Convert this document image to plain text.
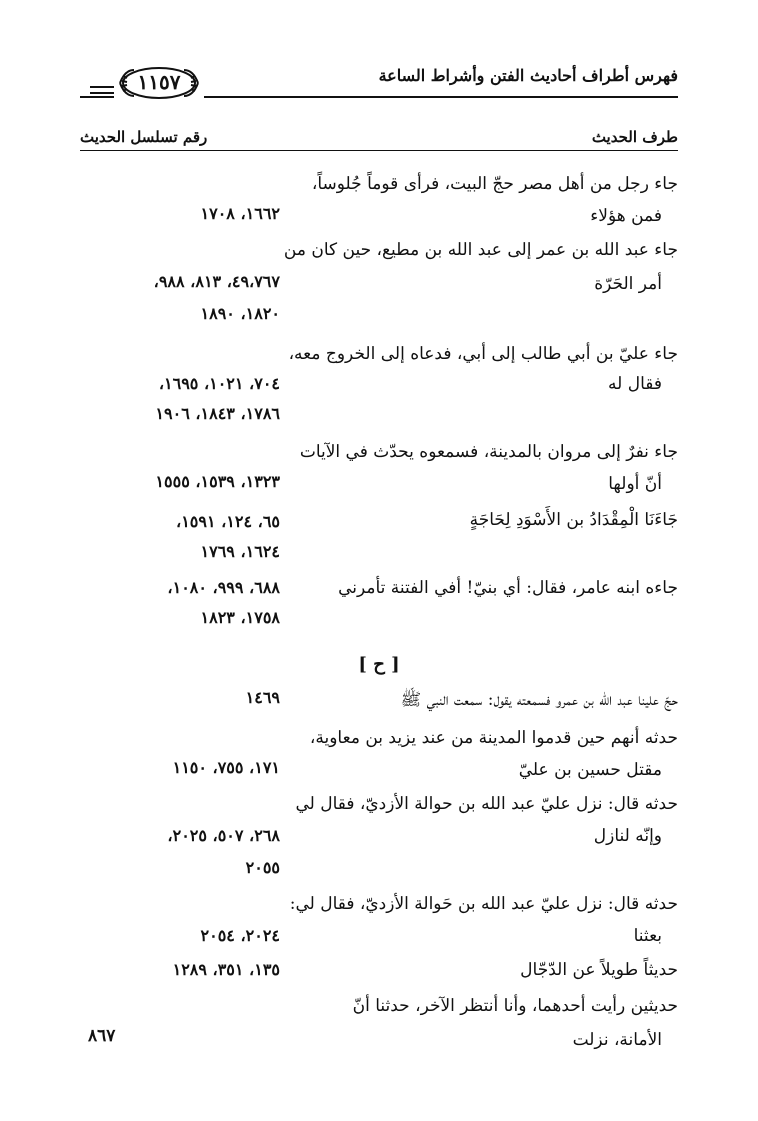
فهرس أطراف أحاديث الفتن وأشراط الساعة
١١٥٧
طرف الحديث
رقم تسلسل الحديث
جاء رجل من أهل مصر حجّ البيت، فرأى قوماً جُلوساً،
فمن هؤلاء
١٦٦٢، ١٧٠٨
جاء عبد الله بن عمر إلى عبد الله بن مطيع، حين كان من
أمر الحَرّة
٤٩،٧٦٧، ٨١٣، ٩٨٨،
١٨٢٠، ١٨٩٠
جاء عليّ بن أبي طالب إلى أبي، فدعاه إلى الخروج معه،
فقال له
٧٠٤، ١٠٢١، ١٦٩٥،
١٧٨٦، ١٨٤٣، ١٩٠٦
جاء نفرٌ إلى مروان بالمدينة، فسمعوه يحدّث في الآيات
أنّ أولها
١٣٢٣، ١٥٣٩، ١٥٥٥
جَاءَنَا الْمِقْدَادُ بن الأَسْوَدِ لِحَاجَةٍ
٦٥، ١٢٤، ١٥٩١،
١٦٢٤، ١٧٦٩
جاءه ابنه عامر، فقال: أي بنيّ! أفي الفتنة تأمرني
٦٨٨، ٩٩٩، ١٠٨٠،
١٧٥٨، ١٨٢٣
[ ح ]
حجّ علينا عبد الله بن عمرو فسمعته يقول: سمعت النبي ﷺ
١٤٦٩
حدثه أنهم حين قدموا المدينة من عند يزيد بن معاوية،
مقتل حسين بن عليّ
١٧١، ٧٥٥، ١١٥٠
حدثه قال: نزل عليّ عبد الله بن حوالة الأزديّ، فقال لي
وإنّه لنازل
٢٦٨، ٥٠٧، ٢٠٢٥،
٢٠٥٥
حدثه قال: نزل عليّ عبد الله بن حَوالة الأزديّ، فقال لي:
بعثنا
٢٠٢٤، ٢٠٥٤
حديثاً طويلاً عن الدّجّال
١٣٥، ٣٥١، ١٢٨٩
حديثين رأيت أحدهما، وأنا أنتظر الآخر، حدثنا أنّ
الأمانة، نزلت
٨٦٧
